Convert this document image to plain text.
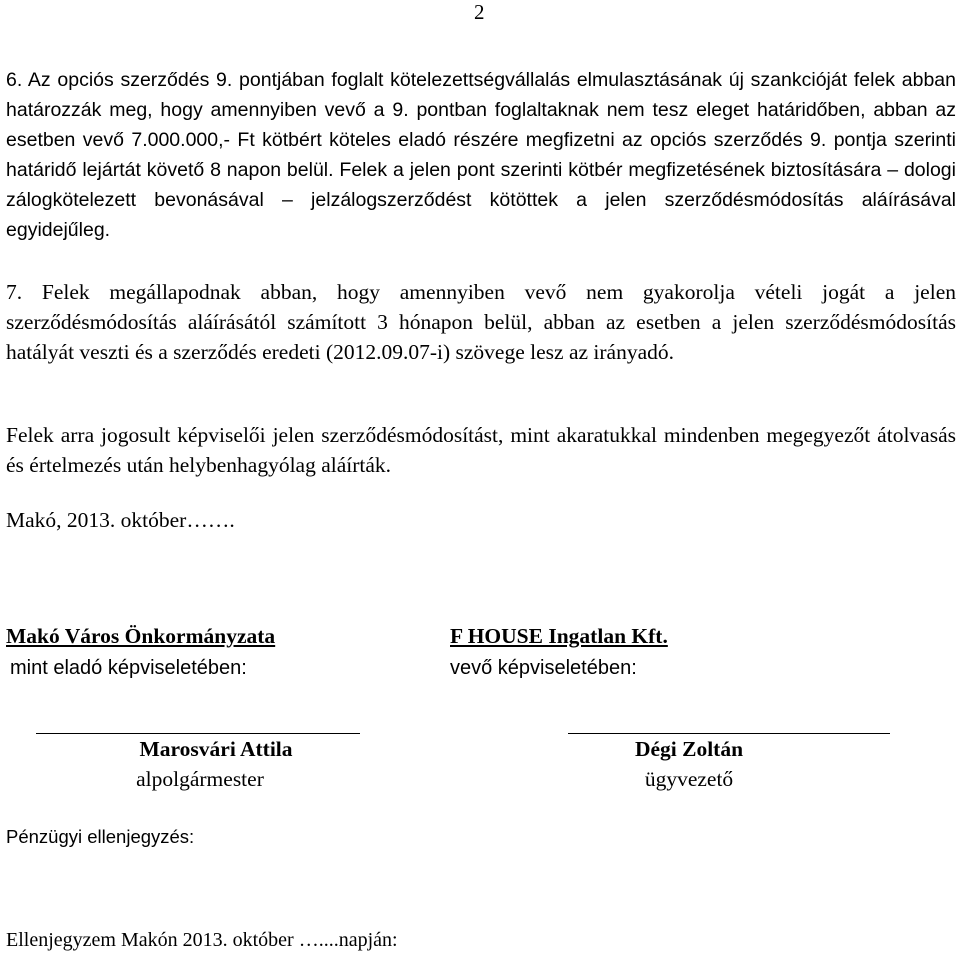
2

6. Az opciós szerződés 9. pontjában foglalt kötelezettségvállalás elmulasztásának új szankcióját felek abban határozzák meg, hogy amennyiben vevő a 9. pontban foglaltaknak nem tesz eleget határidőben, abban az esetben vevő 7.000.000,- Ft kötbért köteles eladó részére megfizetni az opciós szerződés 9. pontja szerinti határidő lejártát követő 8 napon belül. Felek a jelen pont szerinti kötbér megfizetésének biztosítására – dologi zálogkötelezett bevonásával – jelzálogszerződést kötöttek a jelen szerződésmódosítás aláírásával egyidejűleg.

7. Felek megállapodnak abban, hogy amennyiben vevő nem gyakorolja vételi jogát a jelen szerződésmódosítás aláírásától számított 3 hónapon belül, abban az esetben a jelen szerződésmódosítás hatályát veszti és a szerződés eredeti (2012.09.07-i) szövege lesz az irányadó.

Felek arra jogosult képviselői jelen szerződésmódosítást, mint akaratukkal mindenben megegyezőt átolvasás és értelmezés után helybenhagyólag aláírták.

Makó, 2013. október…….
Makó Város Önkormányzata
mint eladó képviseletében:
F HOUSE Ingatlan Kft.
vevő képviseletében:
Marosvári Attila
alpolgármester
Dégi Zoltán
ügyvezető
Pénzügyi ellenjegyzés:
Ellenjegyzem Makón 2013. október …....napján:
